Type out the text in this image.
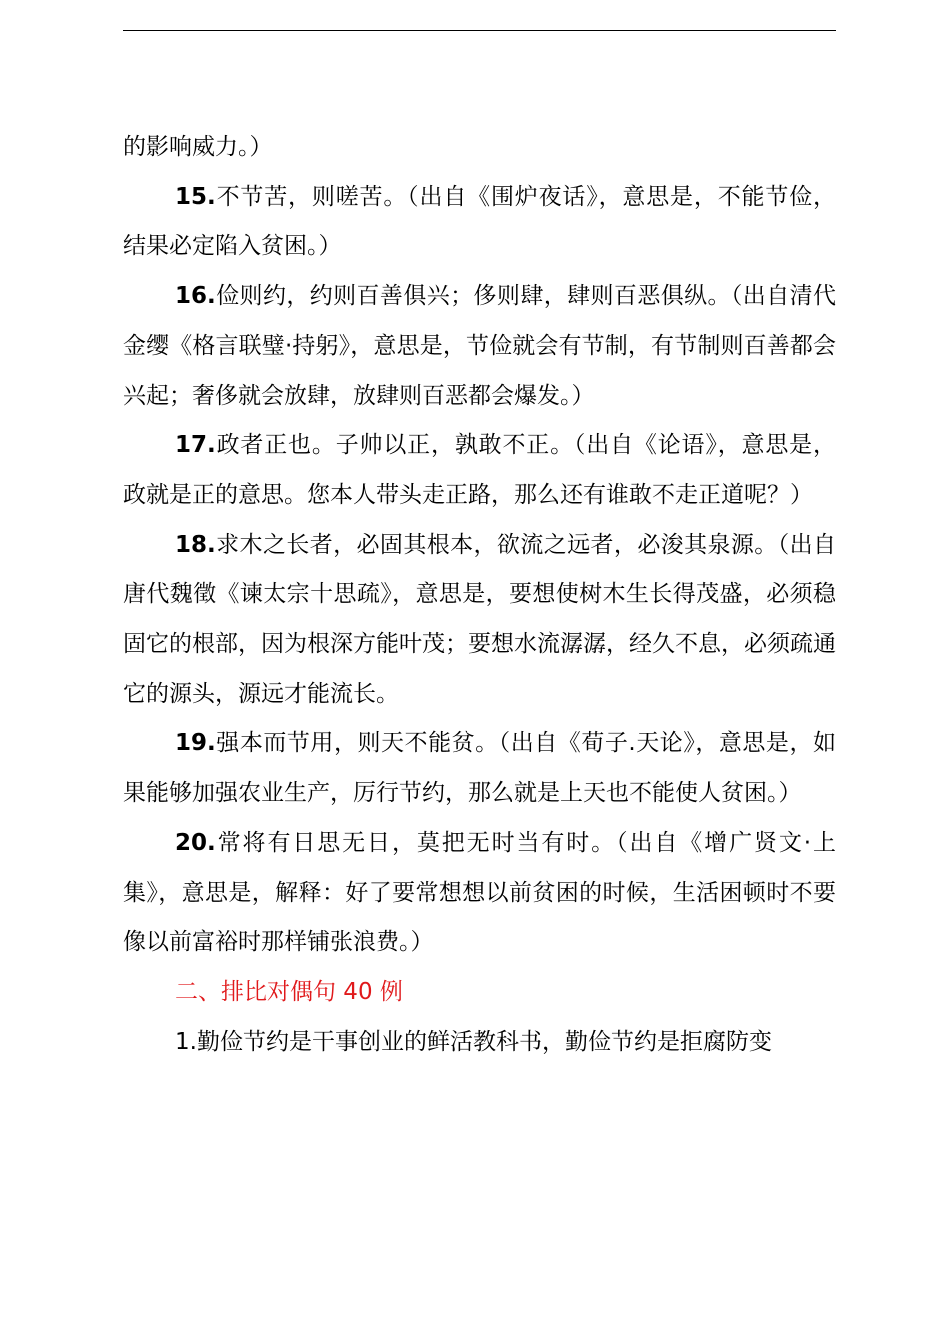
的影响威力。）

15.不节苦，则嗟苦。（出自《围炉夜话》，意思是，不能节俭，结果必定陷入贫困。）

16.俭则约，约则百善俱兴；侈则肆，肆则百恶俱纵。（出自清代金缨《格言联璧·持躬》，意思是，节俭就会有节制，有节制则百善都会兴起；奢侈就会放肆，放肆则百恶都会爆发。）

17.政者正也。子帅以正，孰敢不正。（出自《论语》，意思是，政就是正的意思。您本人带头走正路，那么还有谁敢不走正道呢？）

18.求木之长者，必固其根本，欲流之远者，必浚其泉源。（出自唐代魏徵《谏太宗十思疏》，意思是，要想使树木生长得茂盛，必须稳固它的根部，因为根深方能叶茂；要想水流潺潺，经久不息，必须疏通它的源头，源远才能流长。

19.强本而节用，则天不能贫。（出自《荀子.天论》，意思是，如果能够加强农业生产，厉行节约，那么就是上天也不能使人贫困。）

20.常将有日思无日，莫把无时当有时。（出自《增广贤文·上集》，意思是，解释：好了要常想想以前贫困的时候，生活困顿时不要像以前富裕时那样铺张浪费。）

二、排比对偶句 40 例

1.勤俭节约是干事创业的鲜活教科书，勤俭节约是拒腐防变
